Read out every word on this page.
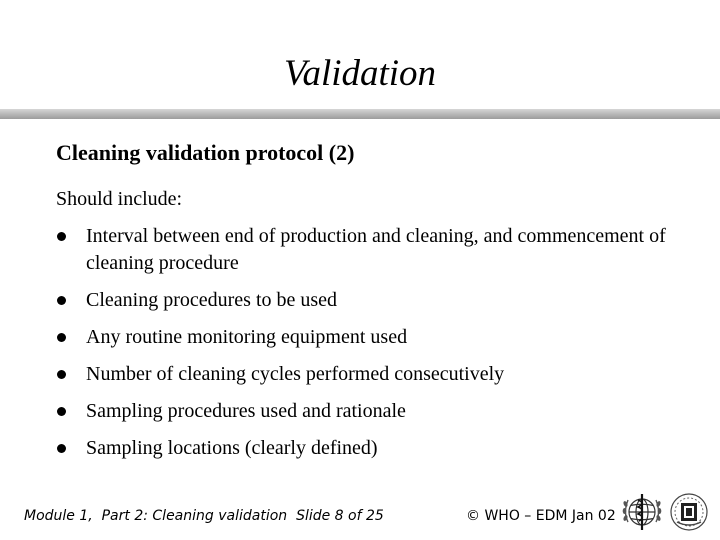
Validation
Cleaning validation protocol (2)
Should include:
Interval between end of production and cleaning, and commencement of cleaning procedure
Cleaning procedures to be used
Any routine monitoring equipment used
Number of cleaning cycles performed consecutively
Sampling procedures used and rationale
Sampling locations (clearly defined)
Module 1,  Part 2: Cleaning validation  Slide 8 of 25	© WHO – EDM Jan 02
